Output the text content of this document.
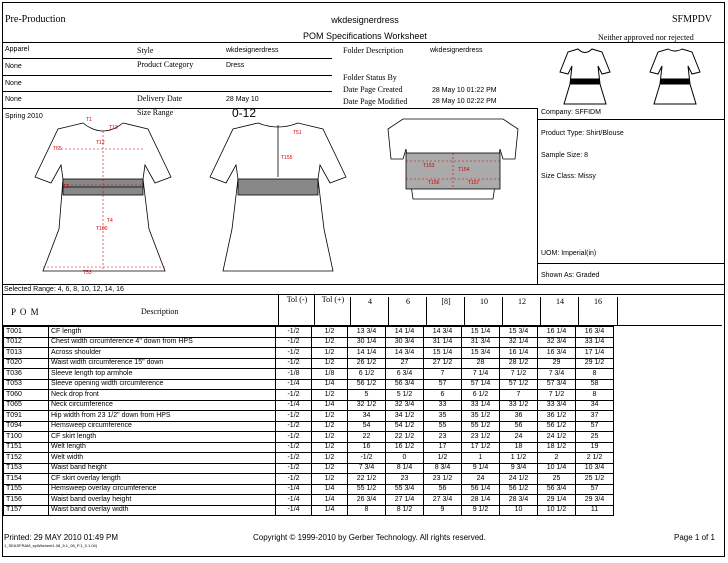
Pre-Production	wkdesignerdress
POM Specifications Worksheet
SFMPDV
Neither approved nor rejected
Apparel
None
None
None
Spring 2010
Style	wkdesignerdress
Product Category	Dress
Delivery Date	28 May 10
Size Range	0-12
Folder Description	wkdesignerdress
Folder Status By
Date Page Created	28 May 10 01:22 PM
Date Page Modified	28 May 10 02:22 PM
T1
T13
T12
T65
T3
T4
T100
T53
T51
T155
T153
T154
T156	T157
Company: SFFIDM
Product Type: Shirt/Blouse
Sample Size: 8
Size Class: Missy
UOM: Imperial(in)
Shown As: Graded
Selected Range: 4, 6, 8, 10, 12, 14, 16
P O M	Description
Tol (-)	Tol (+)	4	6	[8]	10	12	14	16
T001	CF length	-1/2	1/2	13 3/4	14 1/4	14 3/4	15 1/4	15 3/4	16 1/4	16 3/4	
T012	Chest width circumference 4" down from HPS	-1/2	1/2	30 1/4	30 3/4	31 1/4	31 3/4	32 1/4	32 3/4	33 1/4	
T013	Across shoulder	-1/2	1/2	14 1/4	14 3/4	15 1/4	15 3/4	16 1/4	16 3/4	17 1/4	
T020	Waist width circumference 15" down	-1/2	1/2	26 1/2	27	27 1/2	28	28 1/2	29	29 1/2	
T036	Sleeve length top armhole	-1/8	1/8	6 1/2	6 3/4	7	7 1/4	7 1/2	7 3/4	8	
T053	Sleeve opening width circumference	-1/4	1/4	56 1/2	56 3/4	57	57 1/4	57 1/2	57 3/4	58	
T060	Neck drop front	-1/2	1/2	5	5 1/2	6	6 1/2	7	7 1/2	8	
T065	Neck circumference	-1/4	1/4	32 1/2	32 3/4	33	33 1/4	33 1/2	33 3/4	34	
T091	Hip width from 23 1/2" down from HPS	-1/2	1/2	34	34 1/2	35	35 1/2	36	36 1/2	37	
T094	Hemsweep circumference	-1/2	1/2	54	54 1/2	55	55 1/2	56	56 1/2	57	
T100	CF skirt length	-1/2	1/2	22	22 1/2	23	23 1/2	24	24 1/2	25	
T151	Welt length	-1/2	1/2	16	16 1/2	17	17 1/2	18	18 1/2	19	
T152	Welt width	-1/2	1/2	-1/2	0	1/2	1	1 1/2	2	2 1/2	
T153	Waist band height	-1/2	1/2	7 3/4	8 1/4	8 3/4	9 1/4	9 3/4	10 1/4	10 3/4	
T154	CF skirt overlay length	-1/2	1/2	22 1/2	23	23 1/2	24	24 1/2	25	25 1/2	
T155	Hemsweep overlay circumference	-1/4	1/4	55 1/2	55 3/4	56	56 1/4	56 1/2	56 3/4	57	
T156	Waist band overlay height	-1/4	1/4	26 3/4	27 1/4	27 3/4	28 1/4	28 3/4	29 1/4	29 3/4	
T157	Waist band overlay width	-1/4	1/4	8	8 1/2	9	9 1/2	10	10 1/2	11	
Printed: 29 MAY 2010 01:49 PM
1_SEASFRAM_spWksheet1.08_5.1_06_P.1_0.1.04)
Copyright © 1999-2010 by Gerber Technology. All rights reserved.	Page 1 of 1
